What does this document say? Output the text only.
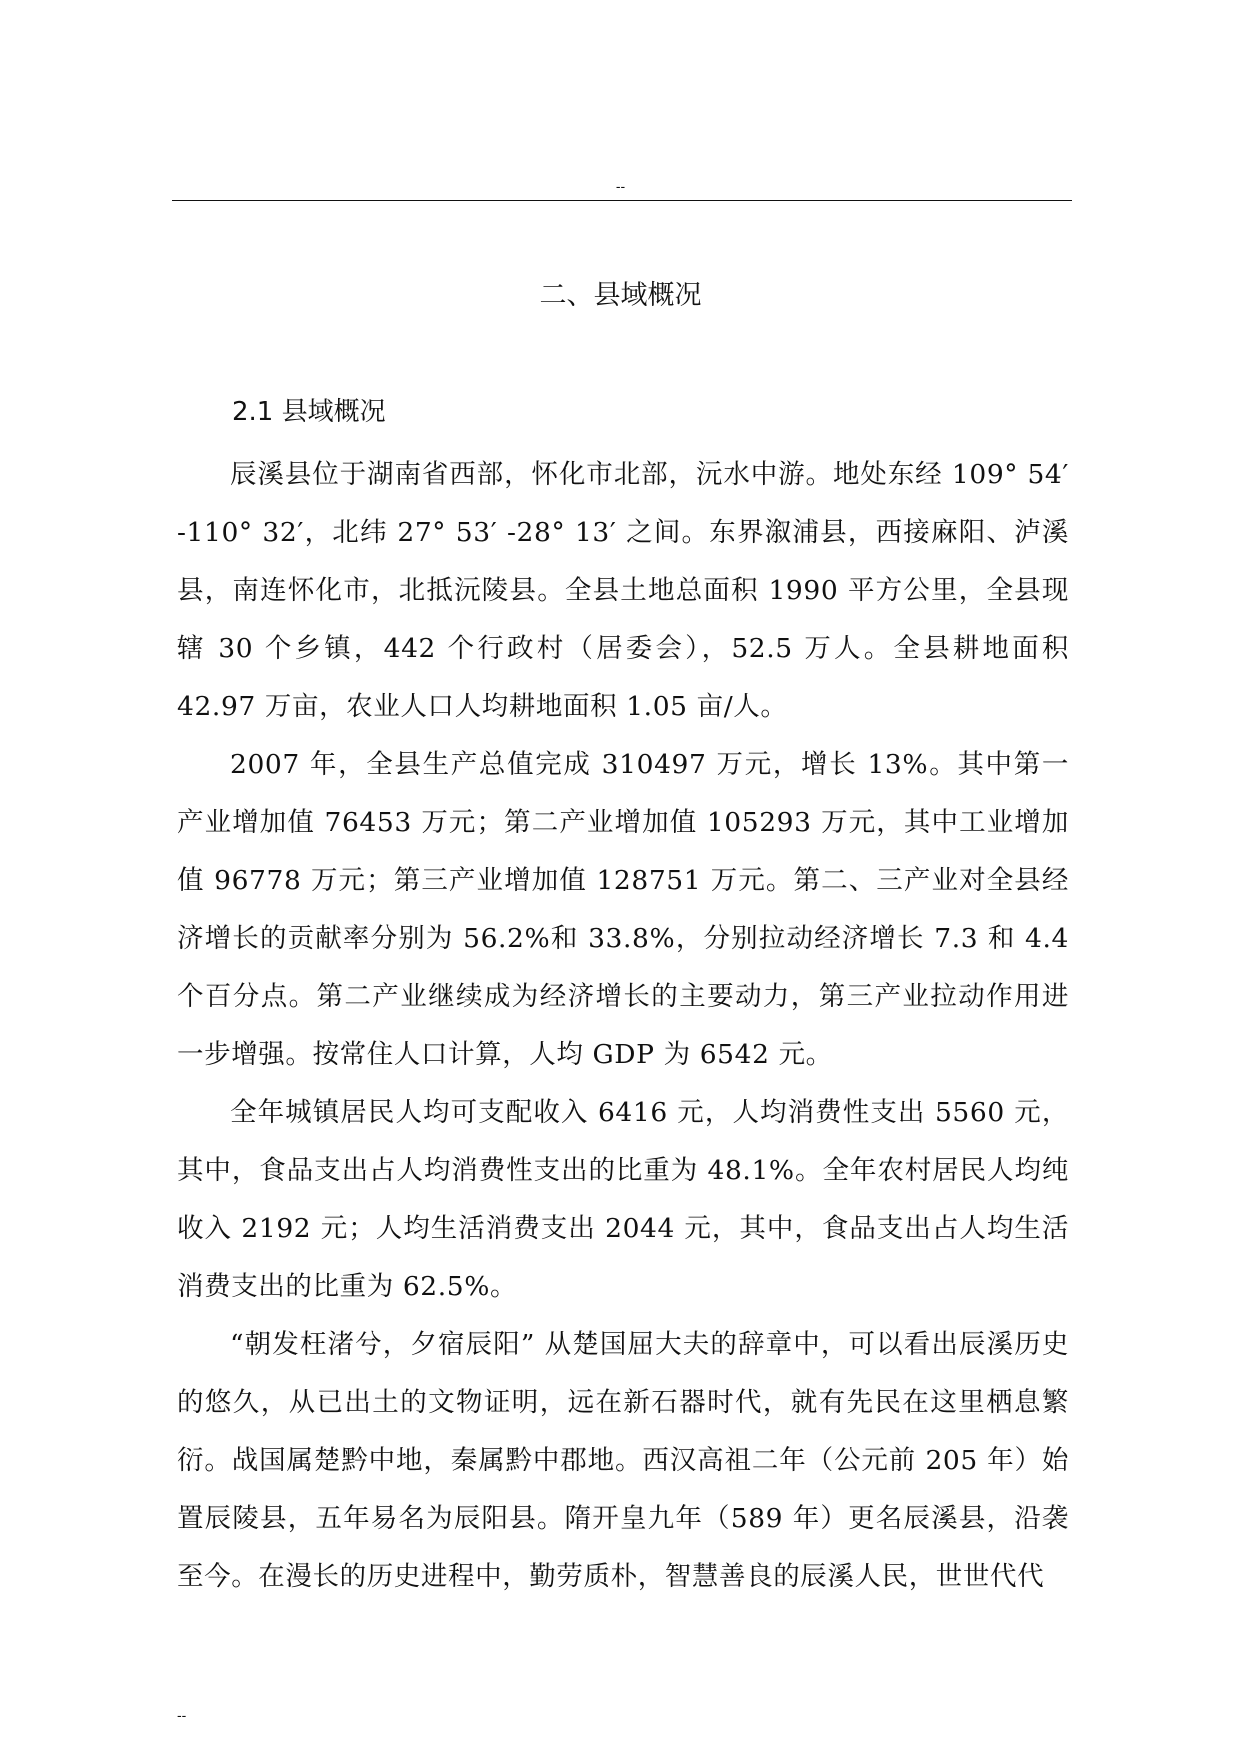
--
二、县域概况
2.1 县域概况

辰溪县位于湖南省西部，怀化市北部，沅水中游。地处东经 109° 54′ -110° 32′，北纬 27° 53′ -28° 13′ 之间。东界溆浦县，西接麻阳、泸溪县，南连怀化市，北抵沅陵县。全县土地总面积 1990 平方公里，全县现辖 30 个乡镇，442 个行政村（居委会），52.5 万人。全县耕地面积 42.97 万亩，农业人口人均耕地面积 1.05 亩/人。

2007 年，全县生产总值完成 310497 万元，增长 13%。其中第一产业增加值 76453 万元；第二产业增加值 105293 万元，其中工业增加值 96778 万元；第三产业增加值 128751 万元。第二、三产业对全县经济增长的贡献率分别为 56.2%和 33.8%，分别拉动经济增长 7.3 和 4.4 个百分点。第二产业继续成为经济增长的主要动力，第三产业拉动作用进一步增强。按常住人口计算，人均 GDP 为 6542 元。

全年城镇居民人均可支配收入 6416 元，人均消费性支出 5560 元，其中，食品支出占人均消费性支出的比重为 48.1%。全年农村居民人均纯收入 2192 元；人均生活消费支出 2044 元，其中，食品支出占人均生活消费支出的比重为 62.5%。

“朝发枉渚兮，夕宿辰阳” 从楚国屈大夫的辞章中，可以看出辰溪历史的悠久，从已出土的文物证明，远在新石器时代，就有先民在这里栖息繁衍。战国属楚黔中地，秦属黔中郡地。西汉高祖二年（公元前 205 年）始置辰陵县，五年易名为辰阳县。隋开皇九年（589 年）更名辰溪县，沿袭至今。在漫长的历史进程中，勤劳质朴，智慧善良的辰溪人民，世世代代

--
